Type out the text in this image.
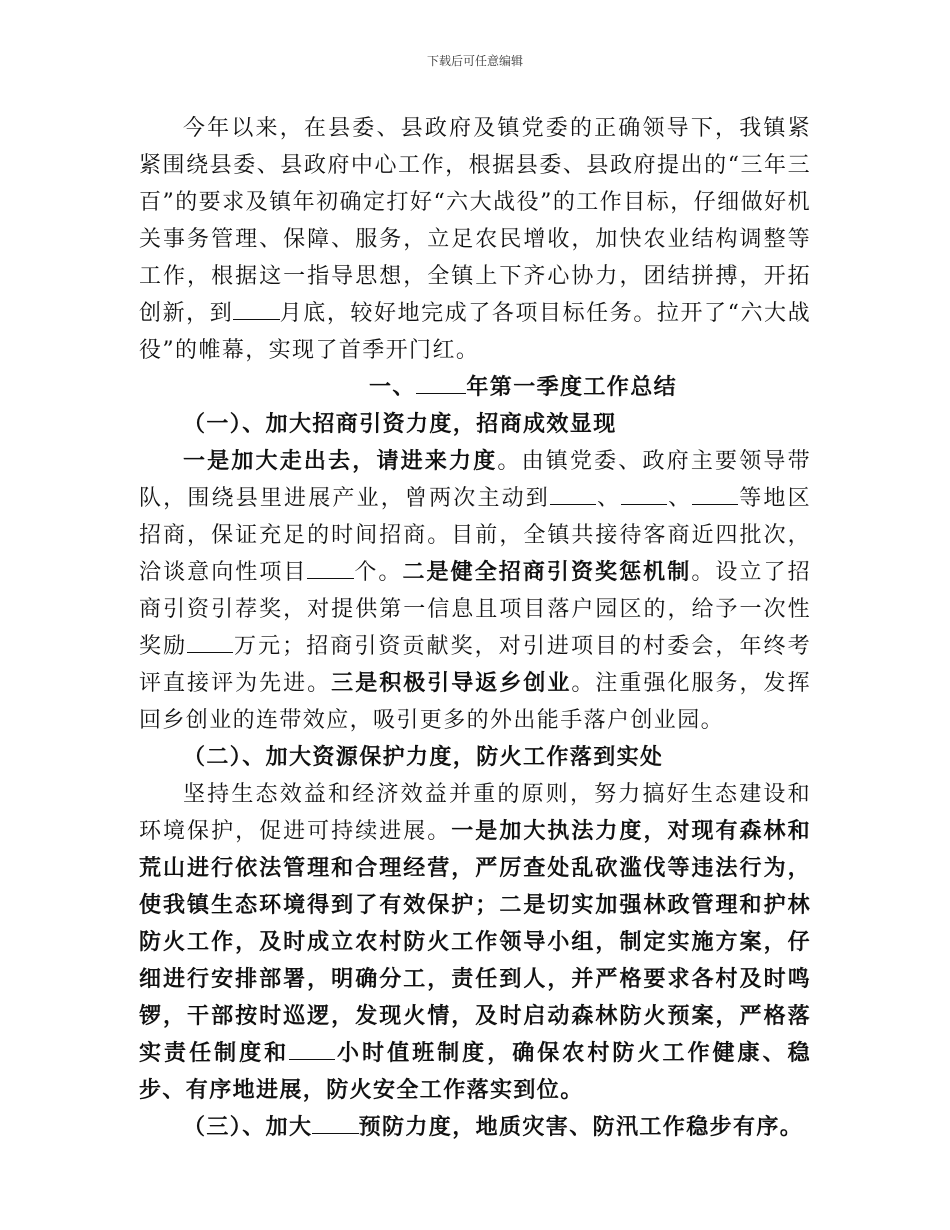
下载后可任意编辑

今年以来，在县委、县政府及镇党委的正确领导下，我镇紧紧围绕县委、县政府中心工作，根据县委、县政府提出的“三年三百”的要求及镇年初确定打好“六大战役”的工作目标，仔细做好机关事务管理、保障、服务，立足农民增收，加快农业结构调整等工作，根据这一指导思想，全镇上下齐心协力，团结拼搏，开拓创新，到 月底，较好地完成了各项目标任务。拉开了“六大战役”的帷幕，实现了首季开门红。

一、 年第一季度工作总结

（一）、加大招商引资力度，招商成效显现

一是加大走出去，请进来力度。由镇党委、政府主要领导带队，围绕县里进展产业，曾两次主动到 、 、 等地区招商，保证充足的时间招商。目前，全镇共接待客商近四批次，洽谈意向性项目 个。二是健全招商引资奖惩机制。设立了招商引资引荐奖，对提供第一信息且项目落户园区的，给予一次性奖励 万元；招商引资贡献奖，对引进项目的村委会，年终考评直接评为先进。三是积极引导返乡创业。注重强化服务，发挥回乡创业的连带效应，吸引更多的外出能手落户创业园。

（二）、加大资源保护力度，防火工作落到实处

坚持生态效益和经济效益并重的原则，努力搞好生态建设和环境保护，促进可持续进展。一是加大执法力度，对现有森林和荒山进行依法管理和合理经营，严厉查处乱砍滥伐等违法行为，使我镇生态环境得到了有效保护；二是切实加强林政管理和护林防火工作，及时成立农村防火工作领导小组，制定实施方案，仔细进行安排部署，明确分工，责任到人，并严格要求各村及时鸣锣，干部按时巡逻，发现火情，及时启动森林防火预案，严格落实责任制度和 小时值班制度，确保农村防火工作健康、稳步、有序地进展，防火安全工作落实到位。

（三）、加大 预防力度，地质灾害、防汛工作稳步有序。
